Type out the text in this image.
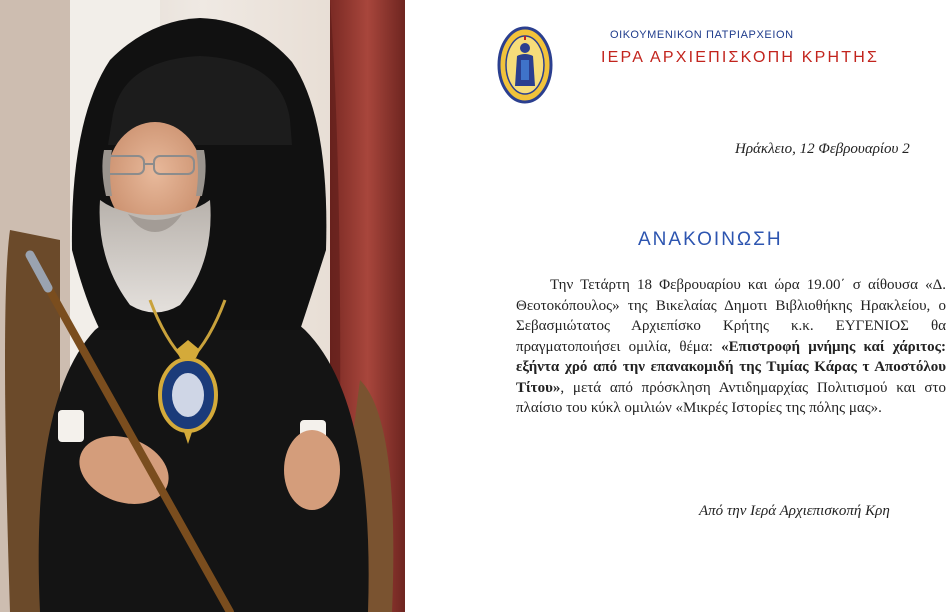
ΟΙΚΟΥΜΕΝΙΚΟΝ ΠΑΤΡΙΑΡΧΕΙΟΝ
ΙΕΡΑ ΑΡΧΙΕΠΙΣΚΟΠΗ ΚΡΗΤΗΣ
Ηράκλειο, 12 Φεβρουαρίου 2
ΑΝΑΚΟΙΝΩΣΗ
Την Τετάρτη 18 Φεβρουαρίου και ώρα 19.00΄ σ αίθουσα «Δ. Θεοτοκόπουλος» της Βικελαίας Δημοτι Βιβλιοθήκης Ηρακλείου, ο Σεβασμιώτατος Αρχιεπίσκο Κρήτης κ.κ. ΕΥΓΕΝΙΟΣ θα πραγματοποιήσει ομιλία, θέμα: «Επιστροφή μνήμης καί χάριτος: εξήντα χρό από την επανακομιδή της Τιμίας Κάρας τ Αποστόλου Τίτου», μετά από πρόσκληση Αντιδημαρχίας Πολιτισμού και στο πλαίσιο του κύκλ ομιλιών «Μικρές Ιστορίες της πόλης μας».
Από την Ιερά Αρχιεπισκοπή Κρη
